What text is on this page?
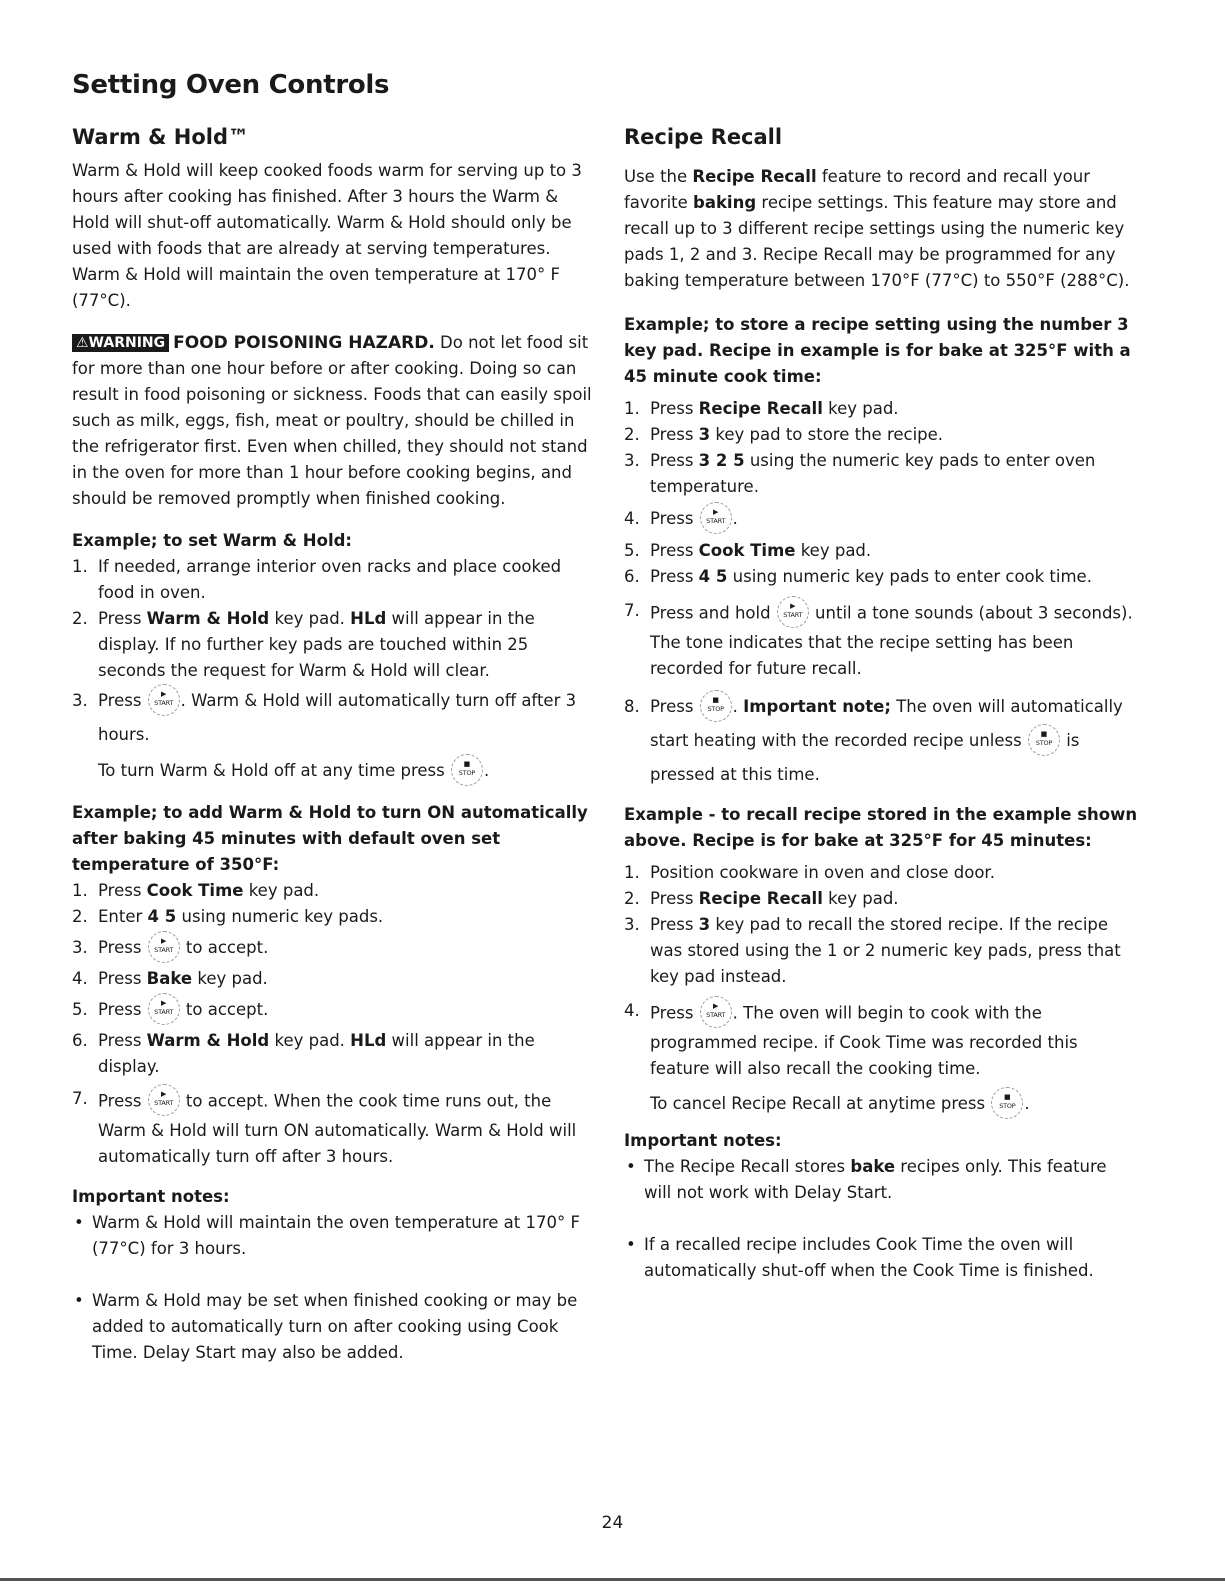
Setting Oven Controls
Warm & Hold™

Warm & Hold will keep cooked foods warm for serving up to 3 hours after cooking has finished. After 3 hours the Warm & Hold will shut-off automatically. Warm & Hold should only be used with foods that are already at serving temperatures. Warm & Hold will maintain the oven temperature at 170° F (77°C).

⚠WARNING FOOD POISONING HAZARD. Do not let food sit for more than one hour before or after cooking. Doing so can result in food poisoning or sickness. Foods that can easily spoil such as milk, eggs, fish, meat or poultry, should be chilled in the refrigerator first. Even when chilled, they should not stand in the oven for more than 1 hour before cooking begins, and should be removed promptly when finished cooking.

Example; to set Warm & Hold:
1. If needed, arrange interior oven racks and place cooked food in oven.
2. Press Warm & Hold key pad. HLd will appear in the display. If no further key pads are touched within 25 seconds the request for Warm & Hold will clear.
3. Press	▶
START . Warm & Hold will automatically turn off after 3 hours.

To turn Warm & Hold off at any time press	■
STOP .

Example; to add Warm & Hold to turn ON automatically after baking 45 minutes with default oven set temperature of 350°F:
1. Press Cook Time key pad.
2. Enter 4 5 using numeric key pads.
3. Press	▶
START to accept.
4. Press Bake key pad.
5. Press	▶
START to accept.
6. Press Warm & Hold key pad. HLd will appear in the display.
7. Press	▶
START to accept. When the cook time runs out, the Warm & Hold will turn ON automatically. Warm & Hold will automatically turn off after 3 hours.
Important notes:
• Warm & Hold will maintain the oven temperature at 170° F (77°C) for 3 hours.
• Warm & Hold may be set when finished cooking or may be added to automatically turn on after cooking using Cook Time. Delay Start may also be added.
Recipe Recall

Use the Recipe Recall feature to record and recall your favorite baking recipe settings. This feature may store and recall up to 3 different recipe settings using the numeric key pads 1, 2 and 3. Recipe Recall may be programmed for any baking temperature between 170°F (77°C) to 550°F (288°C).

Example; to store a recipe setting using the number 3 key pad. Recipe in example is for bake at 325°F with a 45 minute cook time:
1. Press Recipe Recall key pad.
2. Press 3 key pad to store the recipe.
3. Press 3 2 5 using the numeric key pads to enter oven temperature.
4. Press	▶
START .
5. Press Cook Time key pad.
6. Press 4 5 using numeric key pads to enter cook time.
7. Press and hold	▶
START until a tone sounds (about 3 seconds). The tone indicates that the recipe setting has been recorded for future recall.
8. Press	■
STOP . Important note; The oven will automatically start heating with the recorded recipe unless	■
STOP is pressed at this time.
Example - to recall recipe stored in the example shown above. Recipe is for bake at 325°F for 45 minutes:
1. Position cookware in oven and close door.
2. Press Recipe Recall key pad.
3. Press 3 key pad to recall the stored recipe. If the recipe was stored using the 1 or 2 numeric key pads, press that key pad instead.
4. Press	▶
START . The oven will begin to cook with the programmed recipe. if Cook Time was recorded this feature will also recall the cooking time.

To cancel Recipe Recall at anytime press	■
STOP .

Important notes:
• The Recipe Recall stores bake recipes only. This feature will not work with Delay Start.
• If a recalled recipe includes Cook Time the oven will automatically shut-off when the Cook Time is finished.
24
